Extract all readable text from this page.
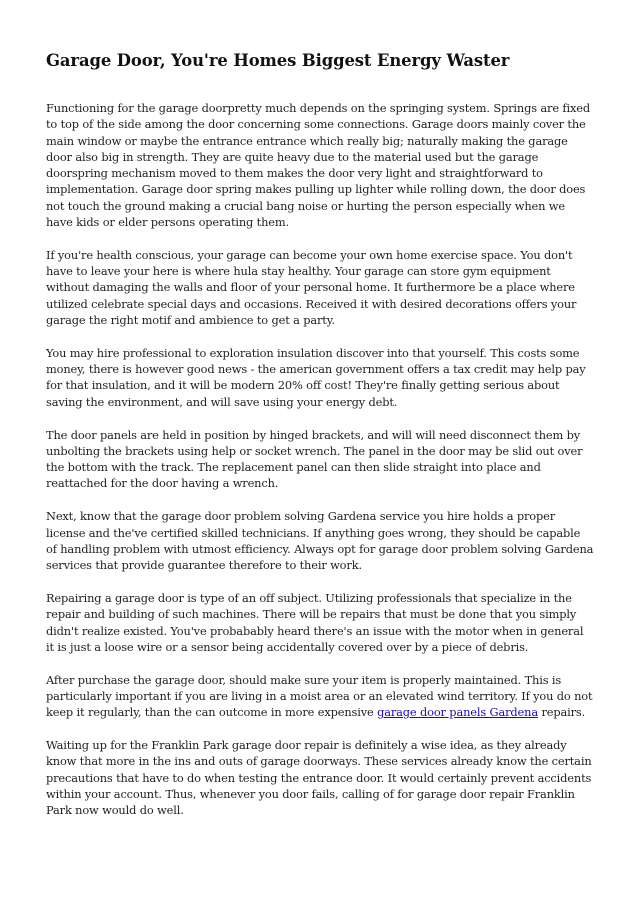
Garage Door, You're Homes Biggest Energy Waster

Functioning for the garage doorpretty much depends on the springing system. Springs are fixed to top of the side among the door concerning some connections. Garage doors mainly cover the main window or maybe the entrance entrance which really big; naturally making the garage door also big in strength. They are quite heavy due to the material used but the garage doorspring mechanism moved to them makes the door very light and straightforward to implementation. Garage door spring makes pulling up lighter while rolling down, the door does not touch the ground making a crucial bang noise or hurting the person especially when we have kids or elder persons operating them.

If you're health conscious, your garage can become your own home exercise space. You don't have to leave your here is where hula stay healthy. Your garage can store gym equipment without damaging the walls and floor of your personal home. It furthermore be a place where utilized celebrate special days and occasions. Received it with desired decorations offers your garage the right motif and ambience to get a party.

You may hire professional to exploration insulation discover into that yourself. This costs some money, there is however good news - the american government offers a tax credit may help pay for that insulation, and it will be modern 20% off cost! They're finally getting serious about saving the environment, and will save using your energy debt.

The door panels are held in position by hinged brackets, and will will need disconnect them by unbolting the brackets using help or socket wrench. The panel in the door may be slid out over the bottom with the track. The replacement panel can then slide straight into place and reattached for the door having a wrench.

Next, know that the garage door problem solving Gardena service you hire holds a proper license and the've certified skilled technicians. If anything goes wrong, they should be capable of handling problem with utmost efficiency. Always opt for garage door problem solving Gardena services that provide guarantee therefore to their work.

Repairing a garage door is type of an off subject. Utilizing professionals that specialize in the repair and building of such machines. There will be repairs that must be done that you simply didn't realize existed. You've probabably heard there's an issue with the motor when in general it is just a loose wire or a sensor being accidentally covered over by a piece of debris.

After purchase the garage door, should make sure your item is properly maintained. This is particularly important if you are living in a moist area or an elevated wind territory. If you do not keep it regularly, than the can outcome in more expensive garage door panels Gardena repairs.

Waiting up for the Franklin Park garage door repair is definitely a wise idea, as they already know that more in the ins and outs of garage doorways. These services already know the certain precautions that have to do when testing the entrance door. It would certainly prevent accidents within your account. Thus, whenever you door fails, calling of for garage door repair Franklin Park now would do well.
